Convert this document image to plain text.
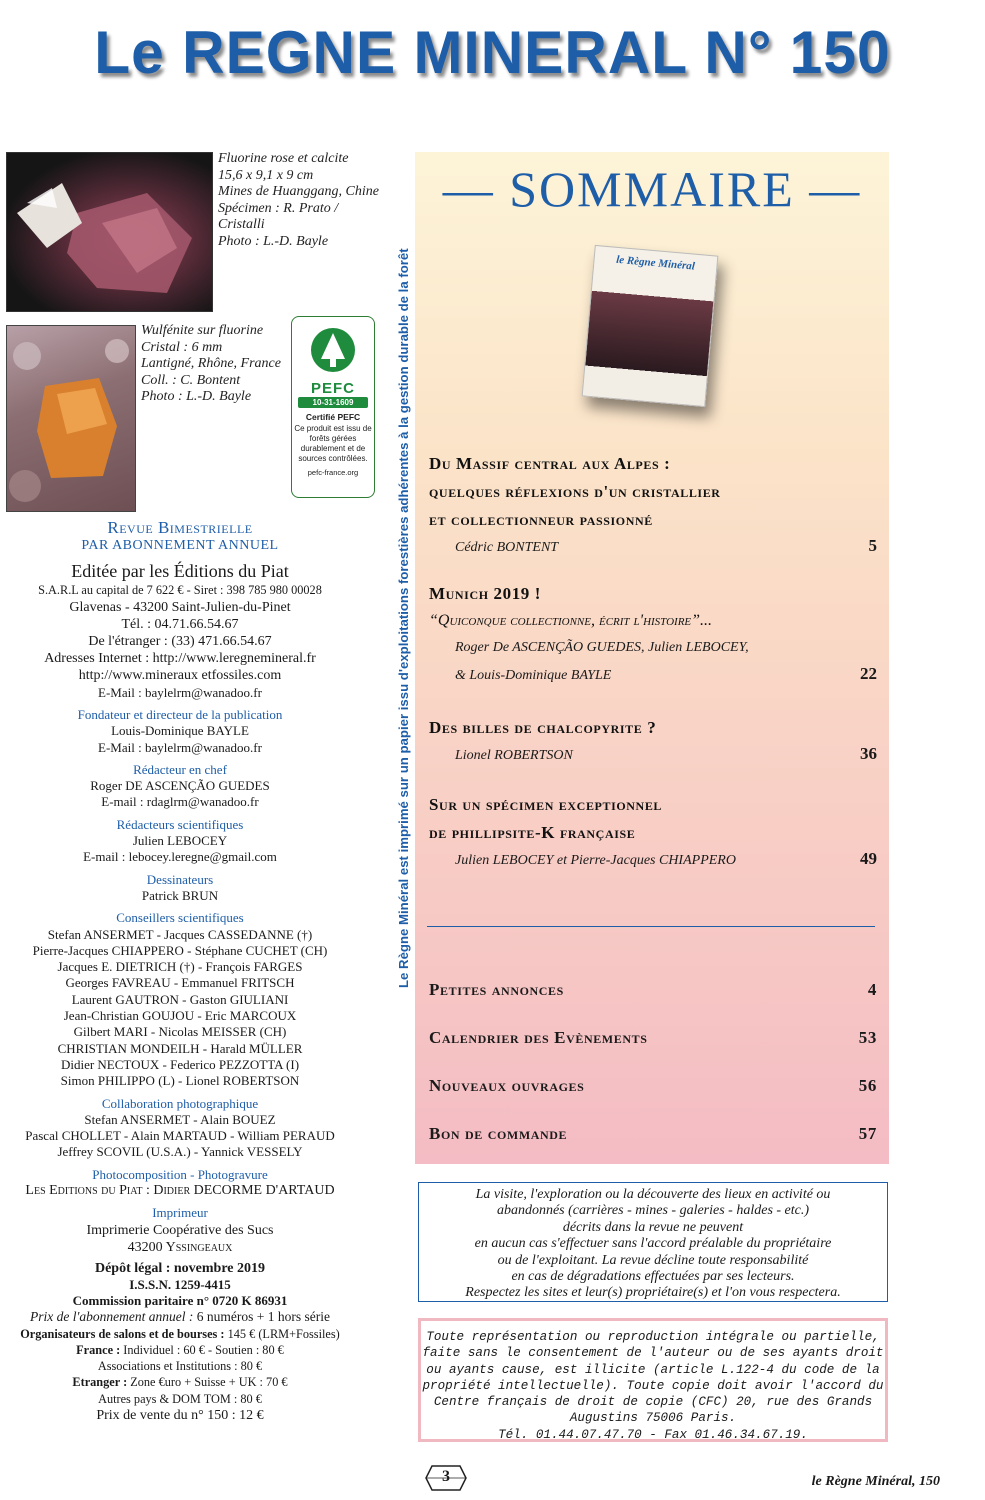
Le REGNE MINERAL N° 150
Fluorine rose et calcite
15,6 x 9,1 x 9 cm
Mines de Huanggang, Chine
Spécimen : R. Prato /
Cristalli
Photo : L.-D. Bayle
Wulfénite sur fluorine
Cristal : 6 mm
Lantigné, Rhône, France
Coll. : C. Bontent
Photo : L.-D. Bayle	PEFC
10-31-1609
Certifié PEFC
Ce produit est issu de forêts gérées durablement et de sources contrôlées.
pefc-france.org	Le Règne Minéral est imprimé sur un papier issu d'exploitations forestières adhérentes à la gestion durable de la forêt
Revue Bimestrielle
PAR ABONNEMENT ANNUEL
Editée par les Éditions du Piat
S.A.R.L au capital de 7 622 € - Siret : 398 785 980 00028
Glavenas - 43200 Saint-Julien-du-Pinet
Tél. : 04.71.66.54.67
De l'étranger : (33) 471.66.54.67
Adresses Internet : http://www.leregnemineral.fr
http://www.mineraux etfossiles.com
E-Mail : baylelrm@wanadoo.fr
Fondateur et directeur de la publication
Louis-Dominique BAYLE
E-Mail : baylelrm@wanadoo.fr
Rédacteur en chef
Roger DE ASCENÇÃO GUEDES
E-mail : rdaglrm@wanadoo.fr
Rédacteurs scientifiques
Julien LEBOCEY
E-mail : lebocey.leregne@gmail.com
Dessinateurs
Patrick BRUN
Conseillers scientifiques
Stefan ANSERMET - Jacques CASSEDANNE (†)
Pierre-Jacques CHIAPPERO - Stéphane CUCHET (CH)
Jacques E. DIETRICH (†) - François FARGES
Georges FAVREAU - Emmanuel FRITSCH
Laurent GAUTRON - Gaston GIULIANI
Jean-Christian GOUJOU - Eric MARCOUX
Gilbert MARI - Nicolas MEISSER (CH)
CHRISTIAN MONDEILH - Harald MÜLLER
Didier NECTOUX - Federico PEZZOTTA (I)
Simon PHILIPPO (L) - Lionel ROBERTSON
Collaboration photographique
Stefan ANSERMET - Alain BOUEZ
Pascal CHOLLET - Alain MARTAUD - William PERAUD
Jeffrey SCOVIL (U.S.A.) - Yannick VESSELY
Photocomposition - Photogravure
Les Editions du Piat : Didier DECORME D'ARTAUD
Imprimeur
Imprimerie Coopérative des Sucs
43200 Yssingeaux
Dépôt légal : novembre 2019
I.S.S.N. 1259-4415
Commission paritaire n° 0720 K 86931
Prix de l'abonnement annuel : 6 numéros + 1 hors série
Organisateurs de salons et de bourses : 145 € (LRM+Fossiles)
France : Individuel : 60 € - Soutien : 80 €
Associations et Institutions : 80 €
Etranger : Zone €uro + Suisse + UK : 70 €
Autres pays & DOM TOM : 80 €
Prix de vente du n° 150 : 12 €
— SOMMAIRE —
le Règne Minéral
Du Massif central aux Alpes :
quelques réflexions d'un cristallier
et collectionneur passionné
Cédric BONTENT	5
Munich 2019 !
“Quiconque collectionne, écrit l'histoire”...
Roger De ASCENÇÃO GUEDES, Julien LEBOCEY,
& Louis-Dominique BAYLE	22
Des billes de chalcopyrite ?
Lionel ROBERTSON	36
Sur un spécimen exceptionnel
de phillipsite-K française
Julien LEBOCEY et Pierre-Jacques CHIAPPERO	49
Petites annonces	4
Calendrier des Evènements	53
Nouveaux ouvrages	56
Bon de commande	57
La visite, l'exploration ou la découverte des lieux en activité ou
abandonnés (carrières - mines - galeries - haldes - etc.)
décrits dans la revue ne peuvent
en aucun cas s'effectuer sans l'accord préalable du propriétaire
ou de l'exploitant. La revue décline toute responsabilité
en cas de dégradations effectuées par ses lecteurs.
Respectez les sites et leur(s) propriétaire(s) et l'on vous respectera.
Toute représentation ou reproduction intégrale ou partielle,
faite sans le consentement de l'auteur ou de ses ayants droit
ou ayants cause, est illicite (article L.122-4 du code de la
propriété intellectuelle). Toute copie doit avoir l'accord du
Centre français de droit de copie (CFC) 20, rue des Grands
Augustins 75006 Paris.
Tél. 01.44.07.47.70 - Fax 01.46.34.67.19.
3	le Règne Minéral, 150
